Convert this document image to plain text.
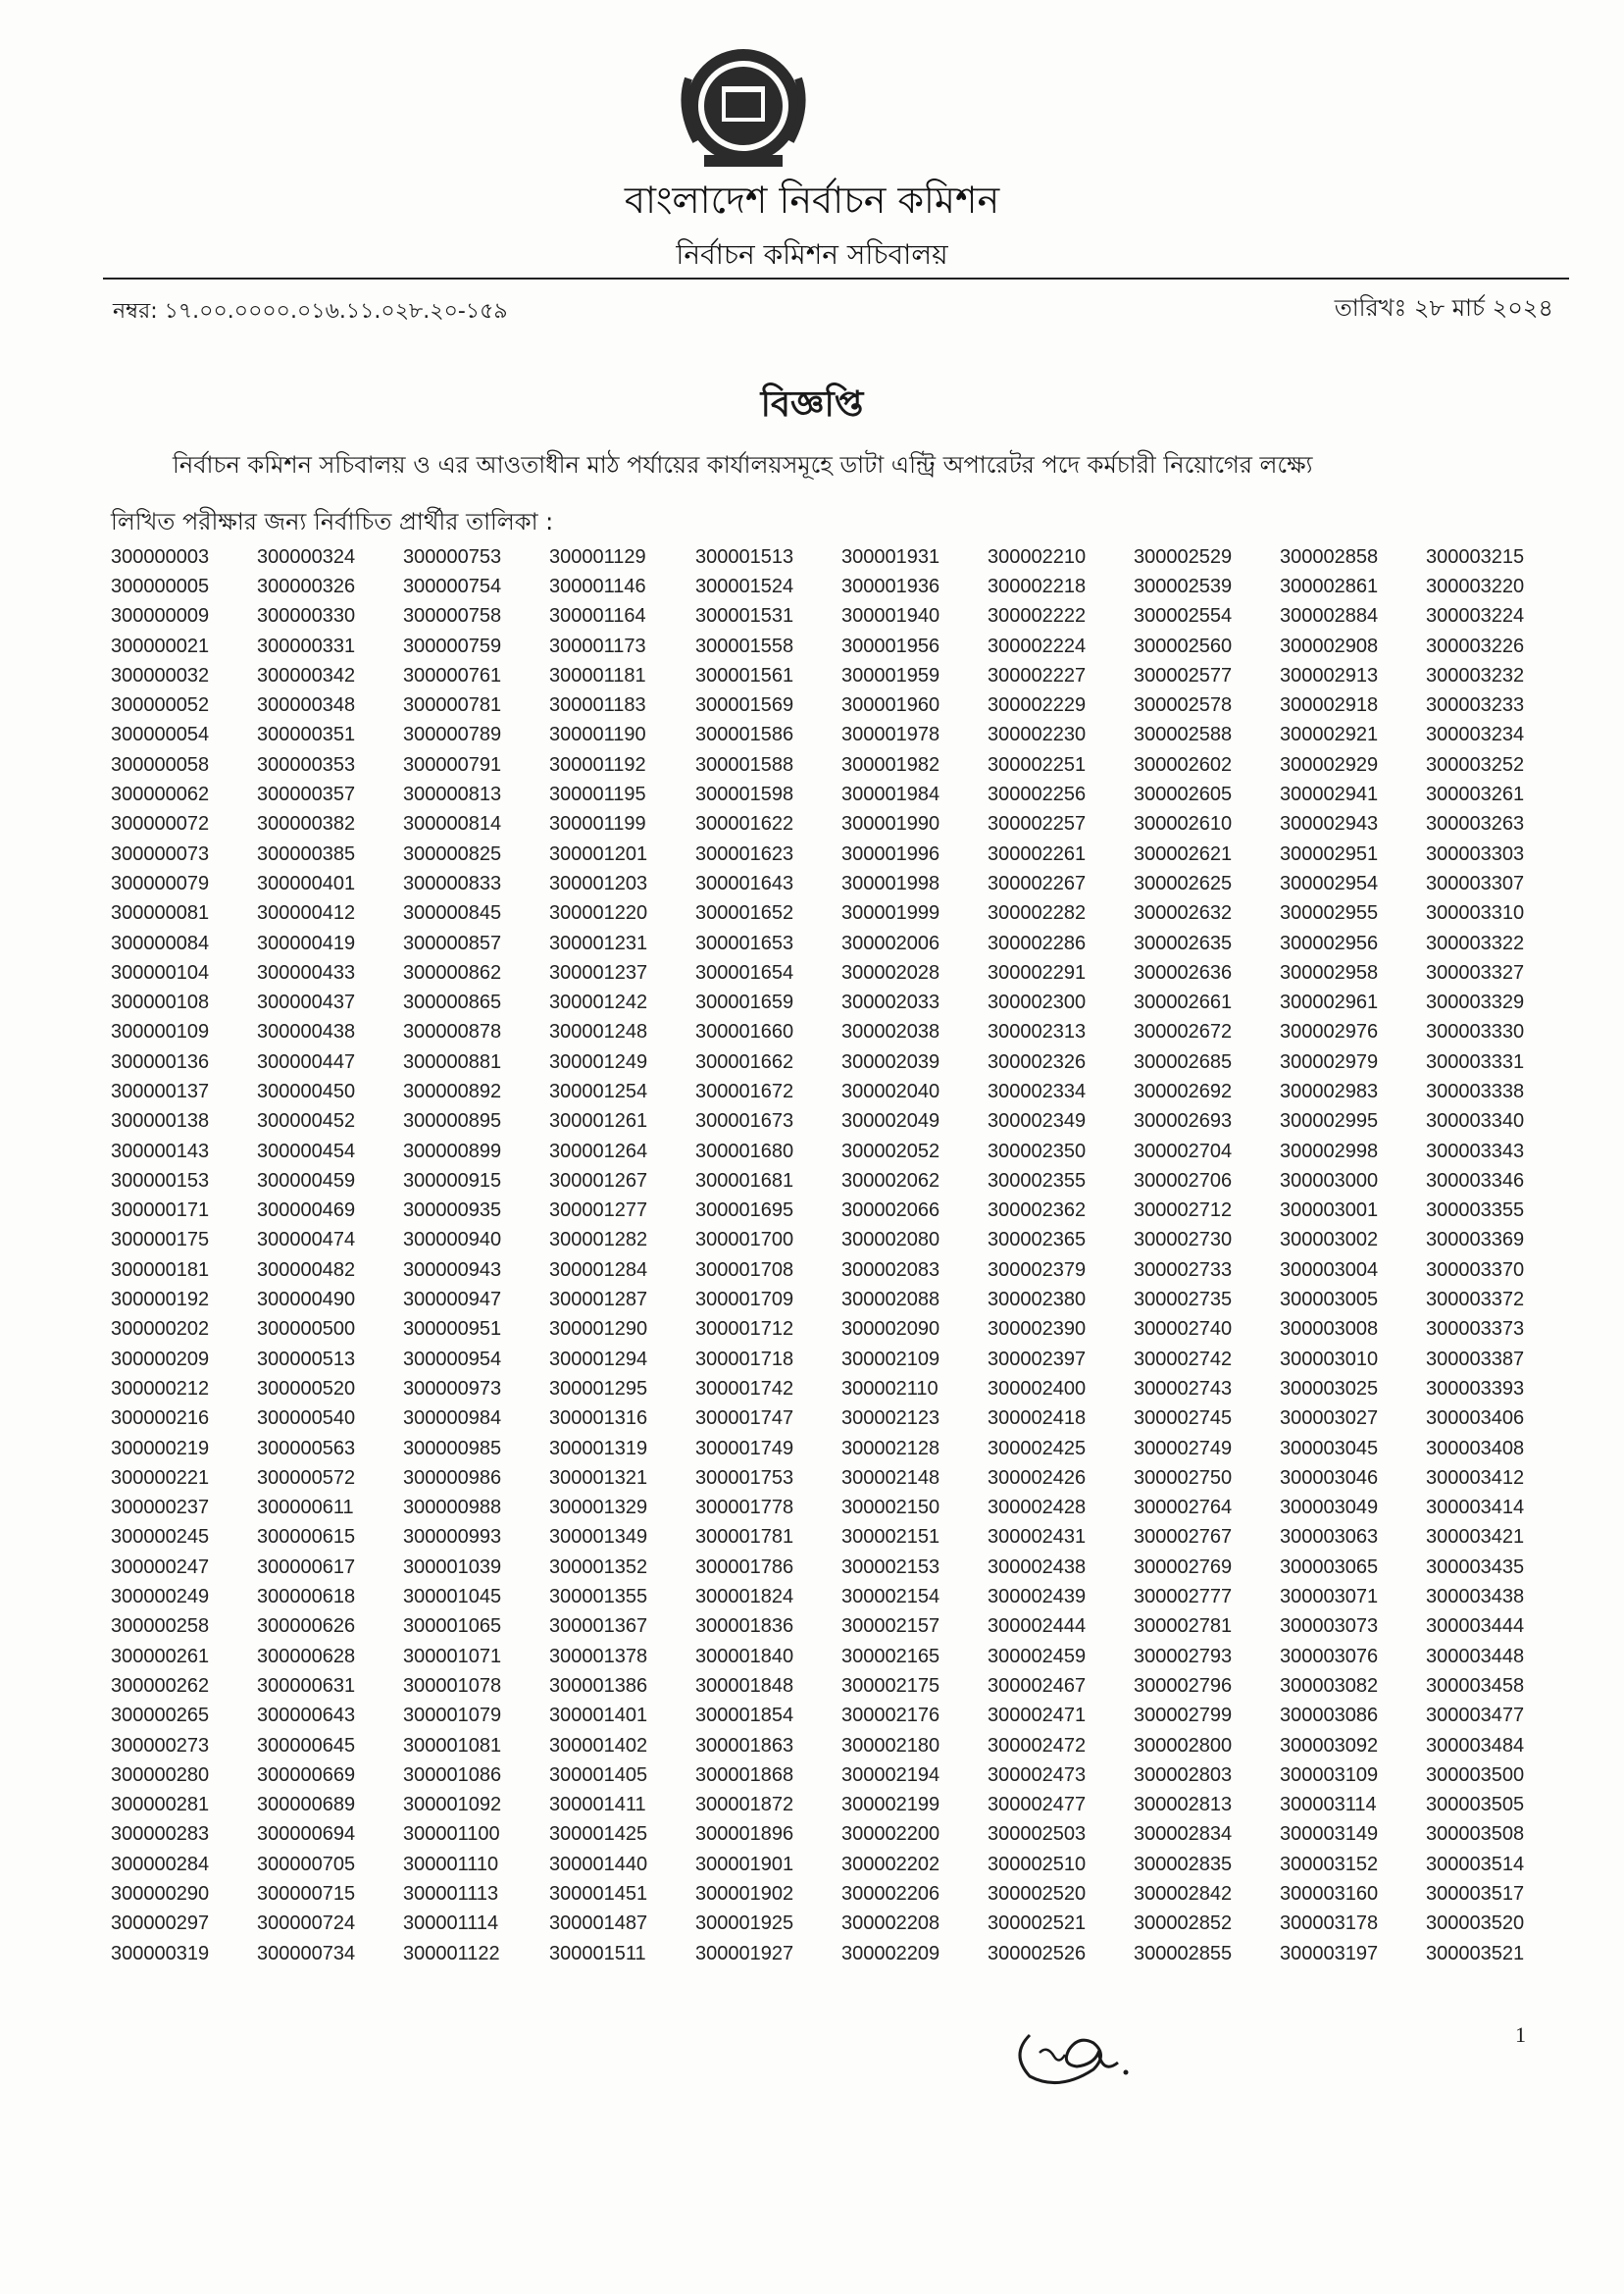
বাংলাদেশ নির্বাচন কমিশন
নির্বাচন কমিশন সচিবালয়
নম্বর: ১৭.০০.০০০০.০১৬.১১.০২৮.২০-১৫৯	তারিখঃ ২৮ মার্চ ২০২৪
বিজ্ঞপ্তি
নির্বাচন কমিশন সচিবালয় ও এর আওতাধীন মাঠ পর্যায়ের কার্যালয়সমূহে ডাটা এন্ট্রি অপারেটর পদে কর্মচারী নিয়োগের লক্ষ্যে
লিখিত পরীক্ষার জন্য নির্বাচিত প্রার্থীর তালিকা :
300000003	300000324	300000753	300001129	300001513	300001931	300002210	300002529	300002858	300003215
300000005	300000326	300000754	300001146	300001524	300001936	300002218	300002539	300002861	300003220
300000009	300000330	300000758	300001164	300001531	300001940	300002222	300002554	300002884	300003224
300000021	300000331	300000759	300001173	300001558	300001956	300002224	300002560	300002908	300003226
300000032	300000342	300000761	300001181	300001561	300001959	300002227	300002577	300002913	300003232
300000052	300000348	300000781	300001183	300001569	300001960	300002229	300002578	300002918	300003233
300000054	300000351	300000789	300001190	300001586	300001978	300002230	300002588	300002921	300003234
300000058	300000353	300000791	300001192	300001588	300001982	300002251	300002602	300002929	300003252
300000062	300000357	300000813	300001195	300001598	300001984	300002256	300002605	300002941	300003261
300000072	300000382	300000814	300001199	300001622	300001990	300002257	300002610	300002943	300003263
300000073	300000385	300000825	300001201	300001623	300001996	300002261	300002621	300002951	300003303
300000079	300000401	300000833	300001203	300001643	300001998	300002267	300002625	300002954	300003307
300000081	300000412	300000845	300001220	300001652	300001999	300002282	300002632	300002955	300003310
300000084	300000419	300000857	300001231	300001653	300002006	300002286	300002635	300002956	300003322
300000104	300000433	300000862	300001237	300001654	300002028	300002291	300002636	300002958	300003327
300000108	300000437	300000865	300001242	300001659	300002033	300002300	300002661	300002961	300003329
300000109	300000438	300000878	300001248	300001660	300002038	300002313	300002672	300002976	300003330
300000136	300000447	300000881	300001249	300001662	300002039	300002326	300002685	300002979	300003331
300000137	300000450	300000892	300001254	300001672	300002040	300002334	300002692	300002983	300003338
300000138	300000452	300000895	300001261	300001673	300002049	300002349	300002693	300002995	300003340
300000143	300000454	300000899	300001264	300001680	300002052	300002350	300002704	300002998	300003343
300000153	300000459	300000915	300001267	300001681	300002062	300002355	300002706	300003000	300003346
300000171	300000469	300000935	300001277	300001695	300002066	300002362	300002712	300003001	300003355
300000175	300000474	300000940	300001282	300001700	300002080	300002365	300002730	300003002	300003369
300000181	300000482	300000943	300001284	300001708	300002083	300002379	300002733	300003004	300003370
300000192	300000490	300000947	300001287	300001709	300002088	300002380	300002735	300003005	300003372
300000202	300000500	300000951	300001290	300001712	300002090	300002390	300002740	300003008	300003373
300000209	300000513	300000954	300001294	300001718	300002109	300002397	300002742	300003010	300003387
300000212	300000520	300000973	300001295	300001742	300002110	300002400	300002743	300003025	300003393
300000216	300000540	300000984	300001316	300001747	300002123	300002418	300002745	300003027	300003406
300000219	300000563	300000985	300001319	300001749	300002128	300002425	300002749	300003045	300003408
300000221	300000572	300000986	300001321	300001753	300002148	300002426	300002750	300003046	300003412
300000237	300000611	300000988	300001329	300001778	300002150	300002428	300002764	300003049	300003414
300000245	300000615	300000993	300001349	300001781	300002151	300002431	300002767	300003063	300003421
300000247	300000617	300001039	300001352	300001786	300002153	300002438	300002769	300003065	300003435
300000249	300000618	300001045	300001355	300001824	300002154	300002439	300002777	300003071	300003438
300000258	300000626	300001065	300001367	300001836	300002157	300002444	300002781	300003073	300003444
300000261	300000628	300001071	300001378	300001840	300002165	300002459	300002793	300003076	300003448
300000262	300000631	300001078	300001386	300001848	300002175	300002467	300002796	300003082	300003458
300000265	300000643	300001079	300001401	300001854	300002176	300002471	300002799	300003086	300003477
300000273	300000645	300001081	300001402	300001863	300002180	300002472	300002800	300003092	300003484
300000280	300000669	300001086	300001405	300001868	300002194	300002473	300002803	300003109	300003500
300000281	300000689	300001092	300001411	300001872	300002199	300002477	300002813	300003114	300003505
300000283	300000694	300001100	300001425	300001896	300002200	300002503	300002834	300003149	300003508
300000284	300000705	300001110	300001440	300001901	300002202	300002510	300002835	300003152	300003514
300000290	300000715	300001113	300001451	300001902	300002206	300002520	300002842	300003160	300003517
300000297	300000724	300001114	300001487	300001925	300002208	300002521	300002852	300003178	300003520
300000319	300000734	300001122	300001511	300001927	300002209	300002526	300002855	300003197	300003521
1
